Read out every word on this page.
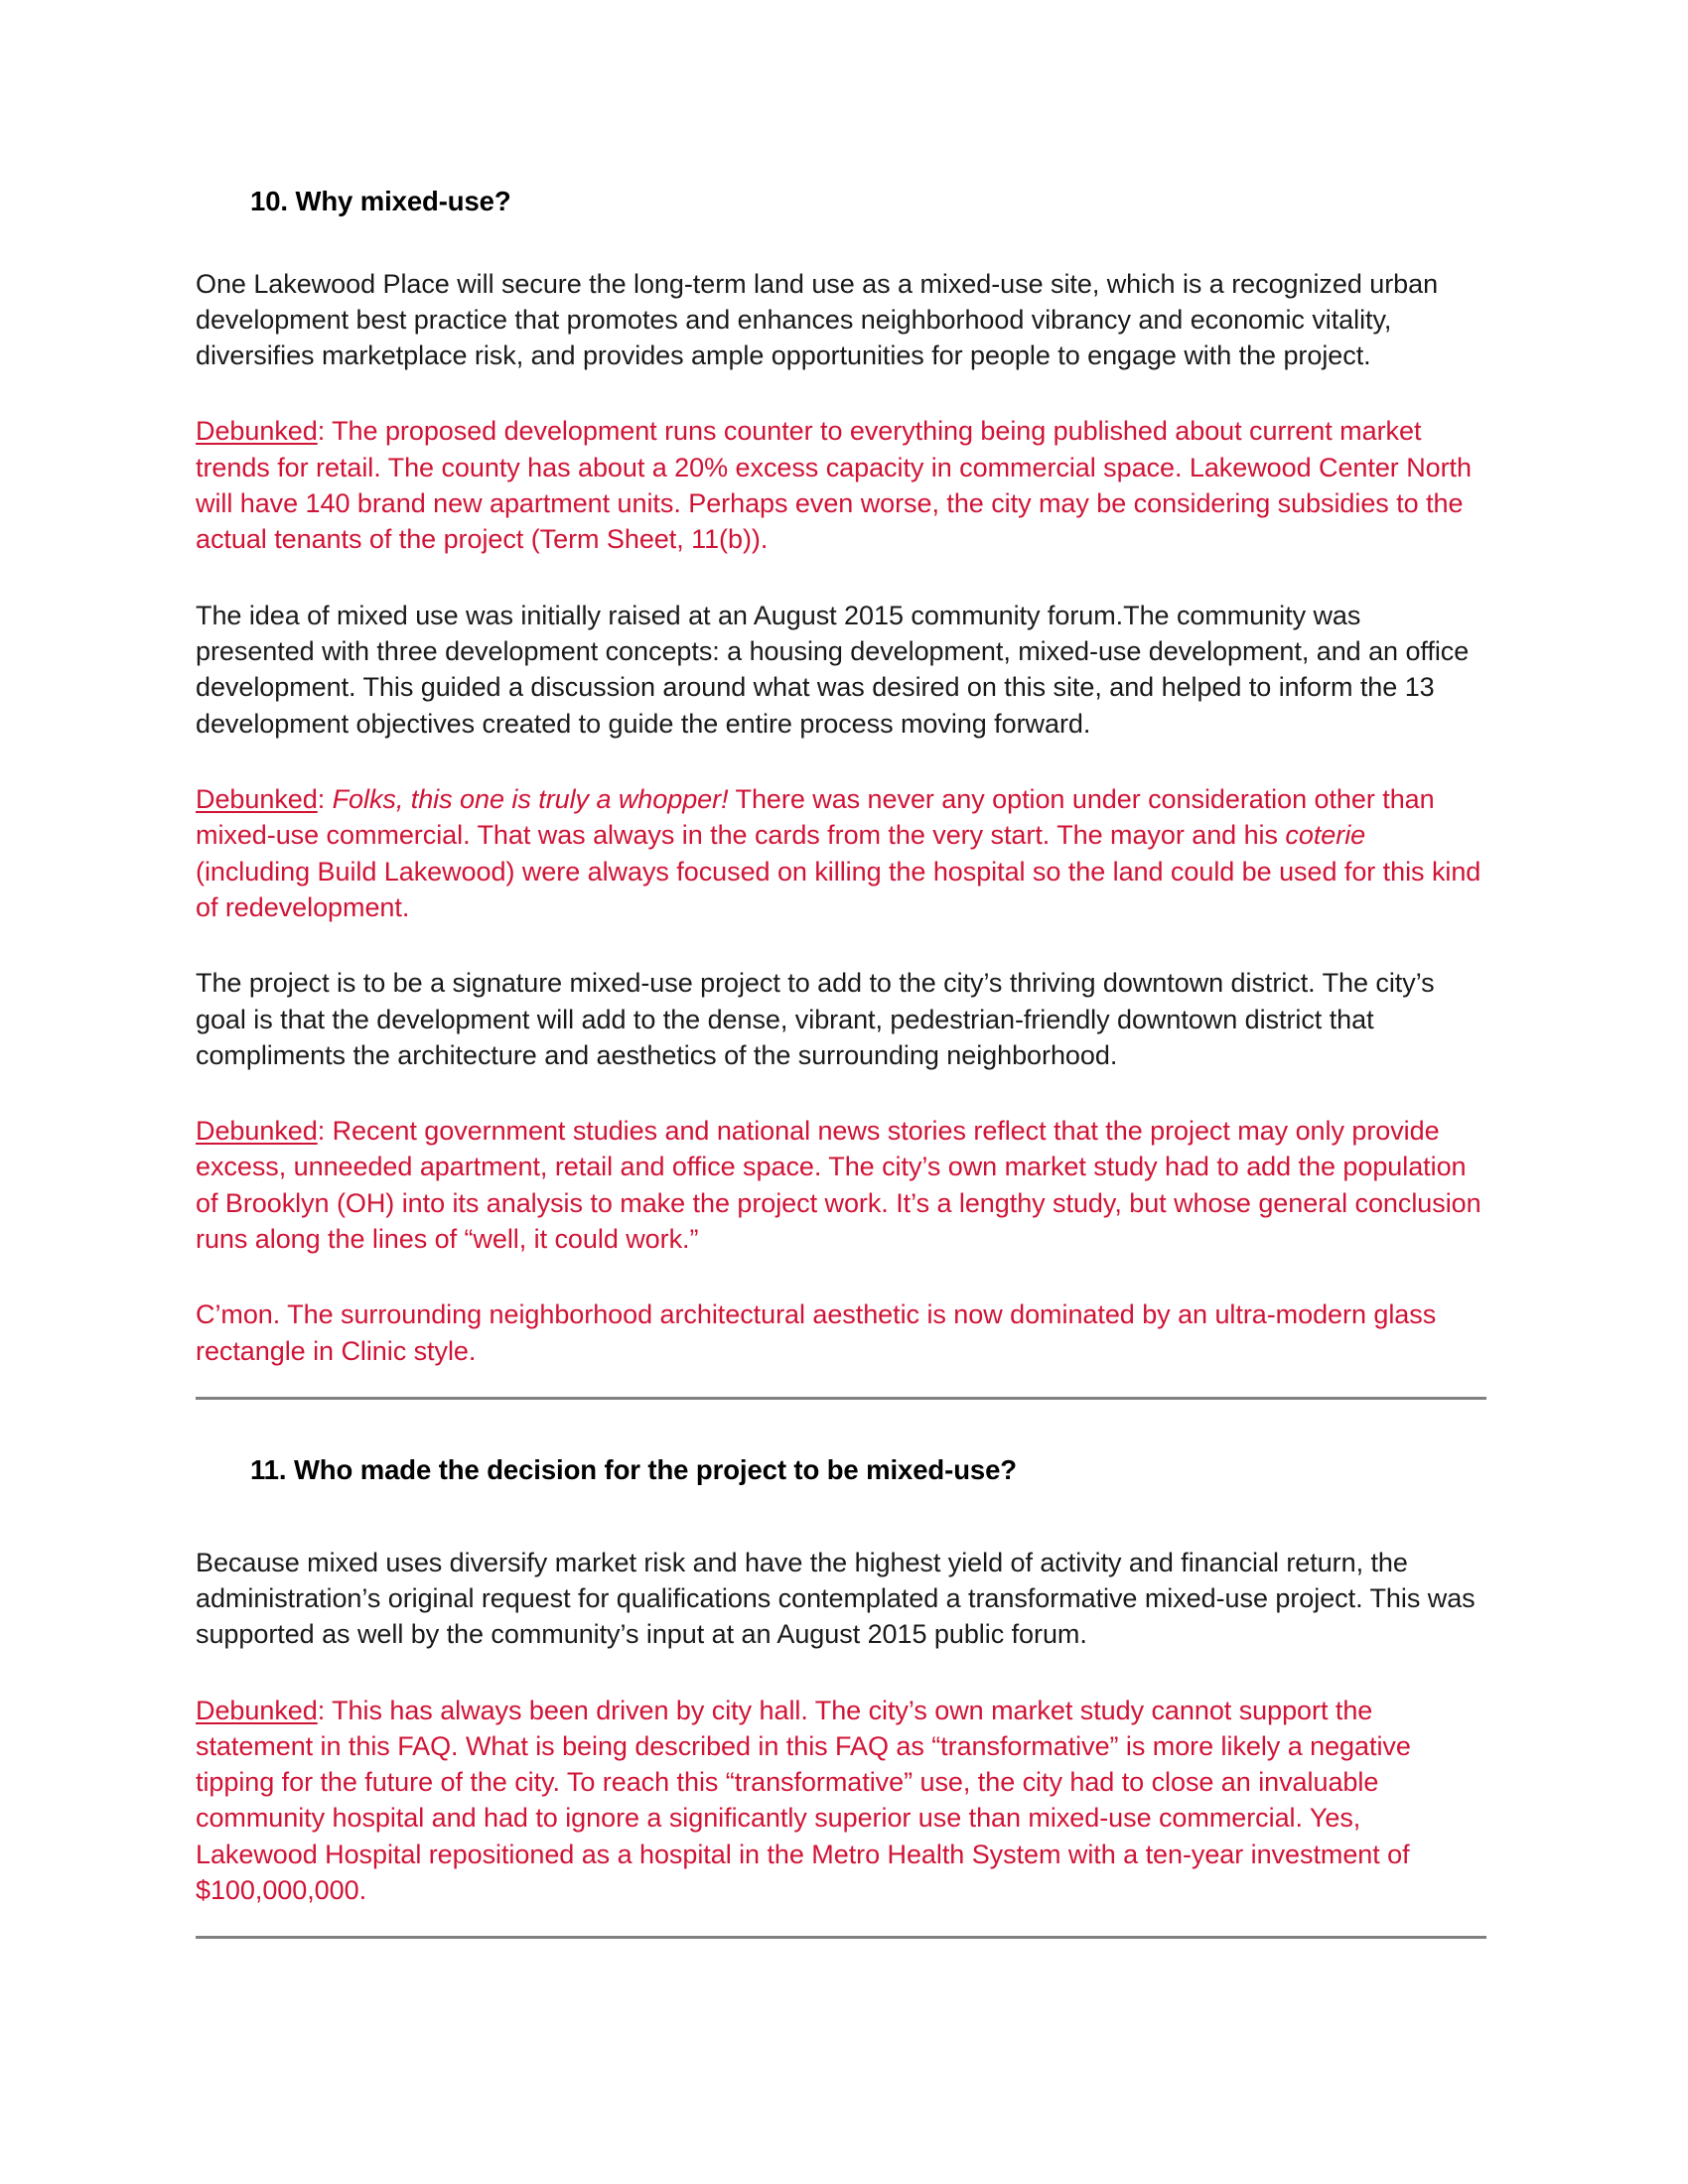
10. Why mixed-use?

One Lakewood Place will secure the long-term land use as a mixed-use site, which is a recognized urban development best practice that promotes and enhances neighborhood vibrancy and economic vitality, diversifies marketplace risk, and provides ample opportunities for people to engage with the project.

Debunked: The proposed development runs counter to everything being published about current market trends for retail. The county has about a 20% excess capacity in commercial space. Lakewood Center North will have 140 brand new apartment units. Perhaps even worse, the city may be considering subsidies to the actual tenants of the project (Term Sheet, 11(b)).

The idea of mixed use was initially raised at an August 2015 community forum.The community was presented with three development concepts: a housing development, mixed-use development, and an office development. This guided a discussion around what was desired on this site, and helped to inform the 13 development objectives created to guide the entire process moving forward.

Debunked: Folks, this one is truly a whopper! There was never any option under consideration other than mixed-use commercial. That was always in the cards from the very start. The mayor and his coterie (including Build Lakewood) were always focused on killing the hospital so the land could be used for this kind of redevelopment.

The project is to be a signature mixed-use project to add to the city’s thriving downtown district. The city’s goal is that the development will add to the dense, vibrant, pedestrian-friendly downtown district that compliments the architecture and aesthetics of the surrounding neighborhood.

Debunked: Recent government studies and national news stories reflect that the project may only provide excess, unneeded apartment, retail and office space. The city’s own market study had to add the population of Brooklyn (OH) into its analysis to make the project work. It’s a lengthy study, but whose general conclusion runs along the lines of “well, it could work.”

C’mon. The surrounding neighborhood architectural aesthetic is now dominated by an ultra-modern glass rectangle in Clinic style.

11. Who made the decision for the project to be mixed-use?

Because mixed uses diversify market risk and have the highest yield of activity and financial return, the administration’s original request for qualifications contemplated a transformative mixed-use project. This was supported as well by the community’s input at an August 2015 public forum.

Debunked: This has always been driven by city hall. The city’s own market study cannot support the statement in this FAQ. What is being described in this FAQ as “transformative” is more likely a negative tipping for the future of the city. To reach this “transformative” use, the city had to close an invaluable community hospital and had to ignore a significantly superior use than mixed-use commercial. Yes, Lakewood Hospital repositioned as a hospital in the Metro Health System with a ten-year investment of $100,000,000.
